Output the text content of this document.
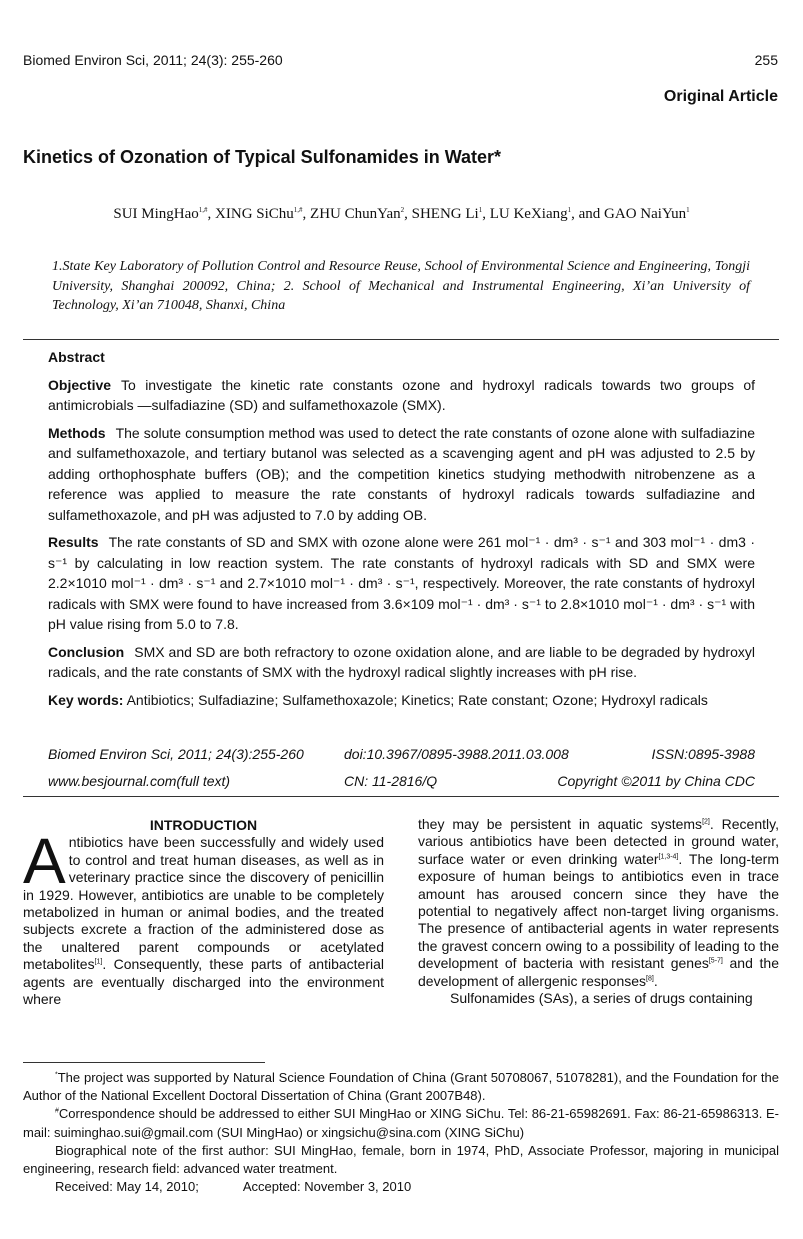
Biomed Environ Sci, 2011; 24(3): 255-260	255
Original Article
Kinetics of Ozonation of Typical Sulfonamides in Water*
SUI MingHao$^{1,\#}$, XING SiChu$^{1,\#}$, ZHU ChunYan$^2$, SHENG Li$^1$, LU KeXiang$^1$, and GAO NaiYun$^1$
1.State Key Laboratory of Pollution Control and Resource Reuse, School of Environmental Science and Engineering, Tongji University, Shanghai 200092, China; 2. School of Mechanical and Instrumental Engineering, Xi’an University of Technology, Xi’an 710048, Shanxi, China

Abstract

Objective To investigate the kinetic rate constants ozone and hydroxyl radicals towards two groups of antimicrobials —sulfadiazine (SD) and sulfamethoxazole (SMX).

Methods The solute consumption method was used to detect the rate constants of ozone alone with sulfadiazine and sulfamethoxazole, and tertiary butanol was selected as a scavenging agent and pH was adjusted to 2.5 by adding orthophosphate buffers (OB); and the competition kinetics studying methodwith nitrobenzene as a reference was applied to measure the rate constants of hydroxyl radicals towards sulfadiazine and sulfamethoxazole, and pH was adjusted to 7.0 by adding OB.

Results The rate constants of SD and SMX with ozone alone were 261 mol⁻¹ · dm³ · s⁻¹ and 303 mol⁻¹ · dm3 · s⁻¹ by calculating in low reaction system. The rate constants of hydroxyl radicals with SD and SMX were 2.2×1010 mol⁻¹ · dm³ · s⁻¹ and 2.7×1010 mol⁻¹ · dm³ · s⁻¹, respectively. Moreover, the rate constants of hydroxyl radicals with SMX were found to have increased from 3.6×109 mol⁻¹ · dm³ · s⁻¹ to 2.8×1010 mol⁻¹ · dm³ · s⁻¹ with pH value rising from 5.0 to 7.8.

Conclusion SMX and SD are both refractory to ozone oxidation alone, and are liable to be degraded by hydroxyl radicals, and the rate constants of SMX with the hydroxyl radical slightly increases with pH rise.

Key words: Antibiotics; Sulfadiazine; Sulfamethoxazole; Kinetics; Rate constant; Ozone; Hydroxyl radicals

Biomed Environ Sci, 2011; 24(3):255-260	doi:10.3967/0895-3988.2011.03.008	ISSN:0895-3988
www.besjournal.com(full text)	CN: 11-2816/Q	Copyright ©2011 by China CDC

INTRODUCTION

Antibiotics have been successfully and widely used to control and treat human diseases, as well as in veterinary practice since the discovery of penicillin in 1929. However, antibiotics are unable to be completely metabolized in human or animal bodies, and the treated subjects excrete a fraction of the administered dose as the unaltered parent compounds or acetylated metabolites[1]. Consequently, these parts of antibacterial agents are eventually discharged into the environment where

they may be persistent in aquatic systems[2]. Recently, various antibiotics have been detected in ground water, surface water or even drinking water[1,3-4]. The long-term exposure of human beings to antibiotics even in trace amount has aroused concern since they have the potential to negatively affect non-target living organisms. The presence of antibacterial agents in water represents the gravest concern owing to a possibility of leading to the development of bacteria with resistant genes[5-7] and the development of allergenic responses[8].

Sulfonamides (SAs), a series of drugs containing

*The project was supported by Natural Science Foundation of China (Grant 50708067, 51078281), and the Foundation for the Author of the National Excellent Doctoral Dissertation of China (Grant 2007B48).

#Correspondence should be addressed to either SUI MingHao or XING SiChu. Tel: 86-21-65982691. Fax: 86-21-65986313. E-mail: suiminghao.sui@gmail.com (SUI MingHao) or xingsichu@sina.com (XING SiChu)

Biographical note of the first author: SUI MingHao, female, born in 1974, PhD, Associate Professor, majoring in municipal engineering, research field: advanced water treatment.

Received: May 14, 2010;	Accepted: November 3, 2010
